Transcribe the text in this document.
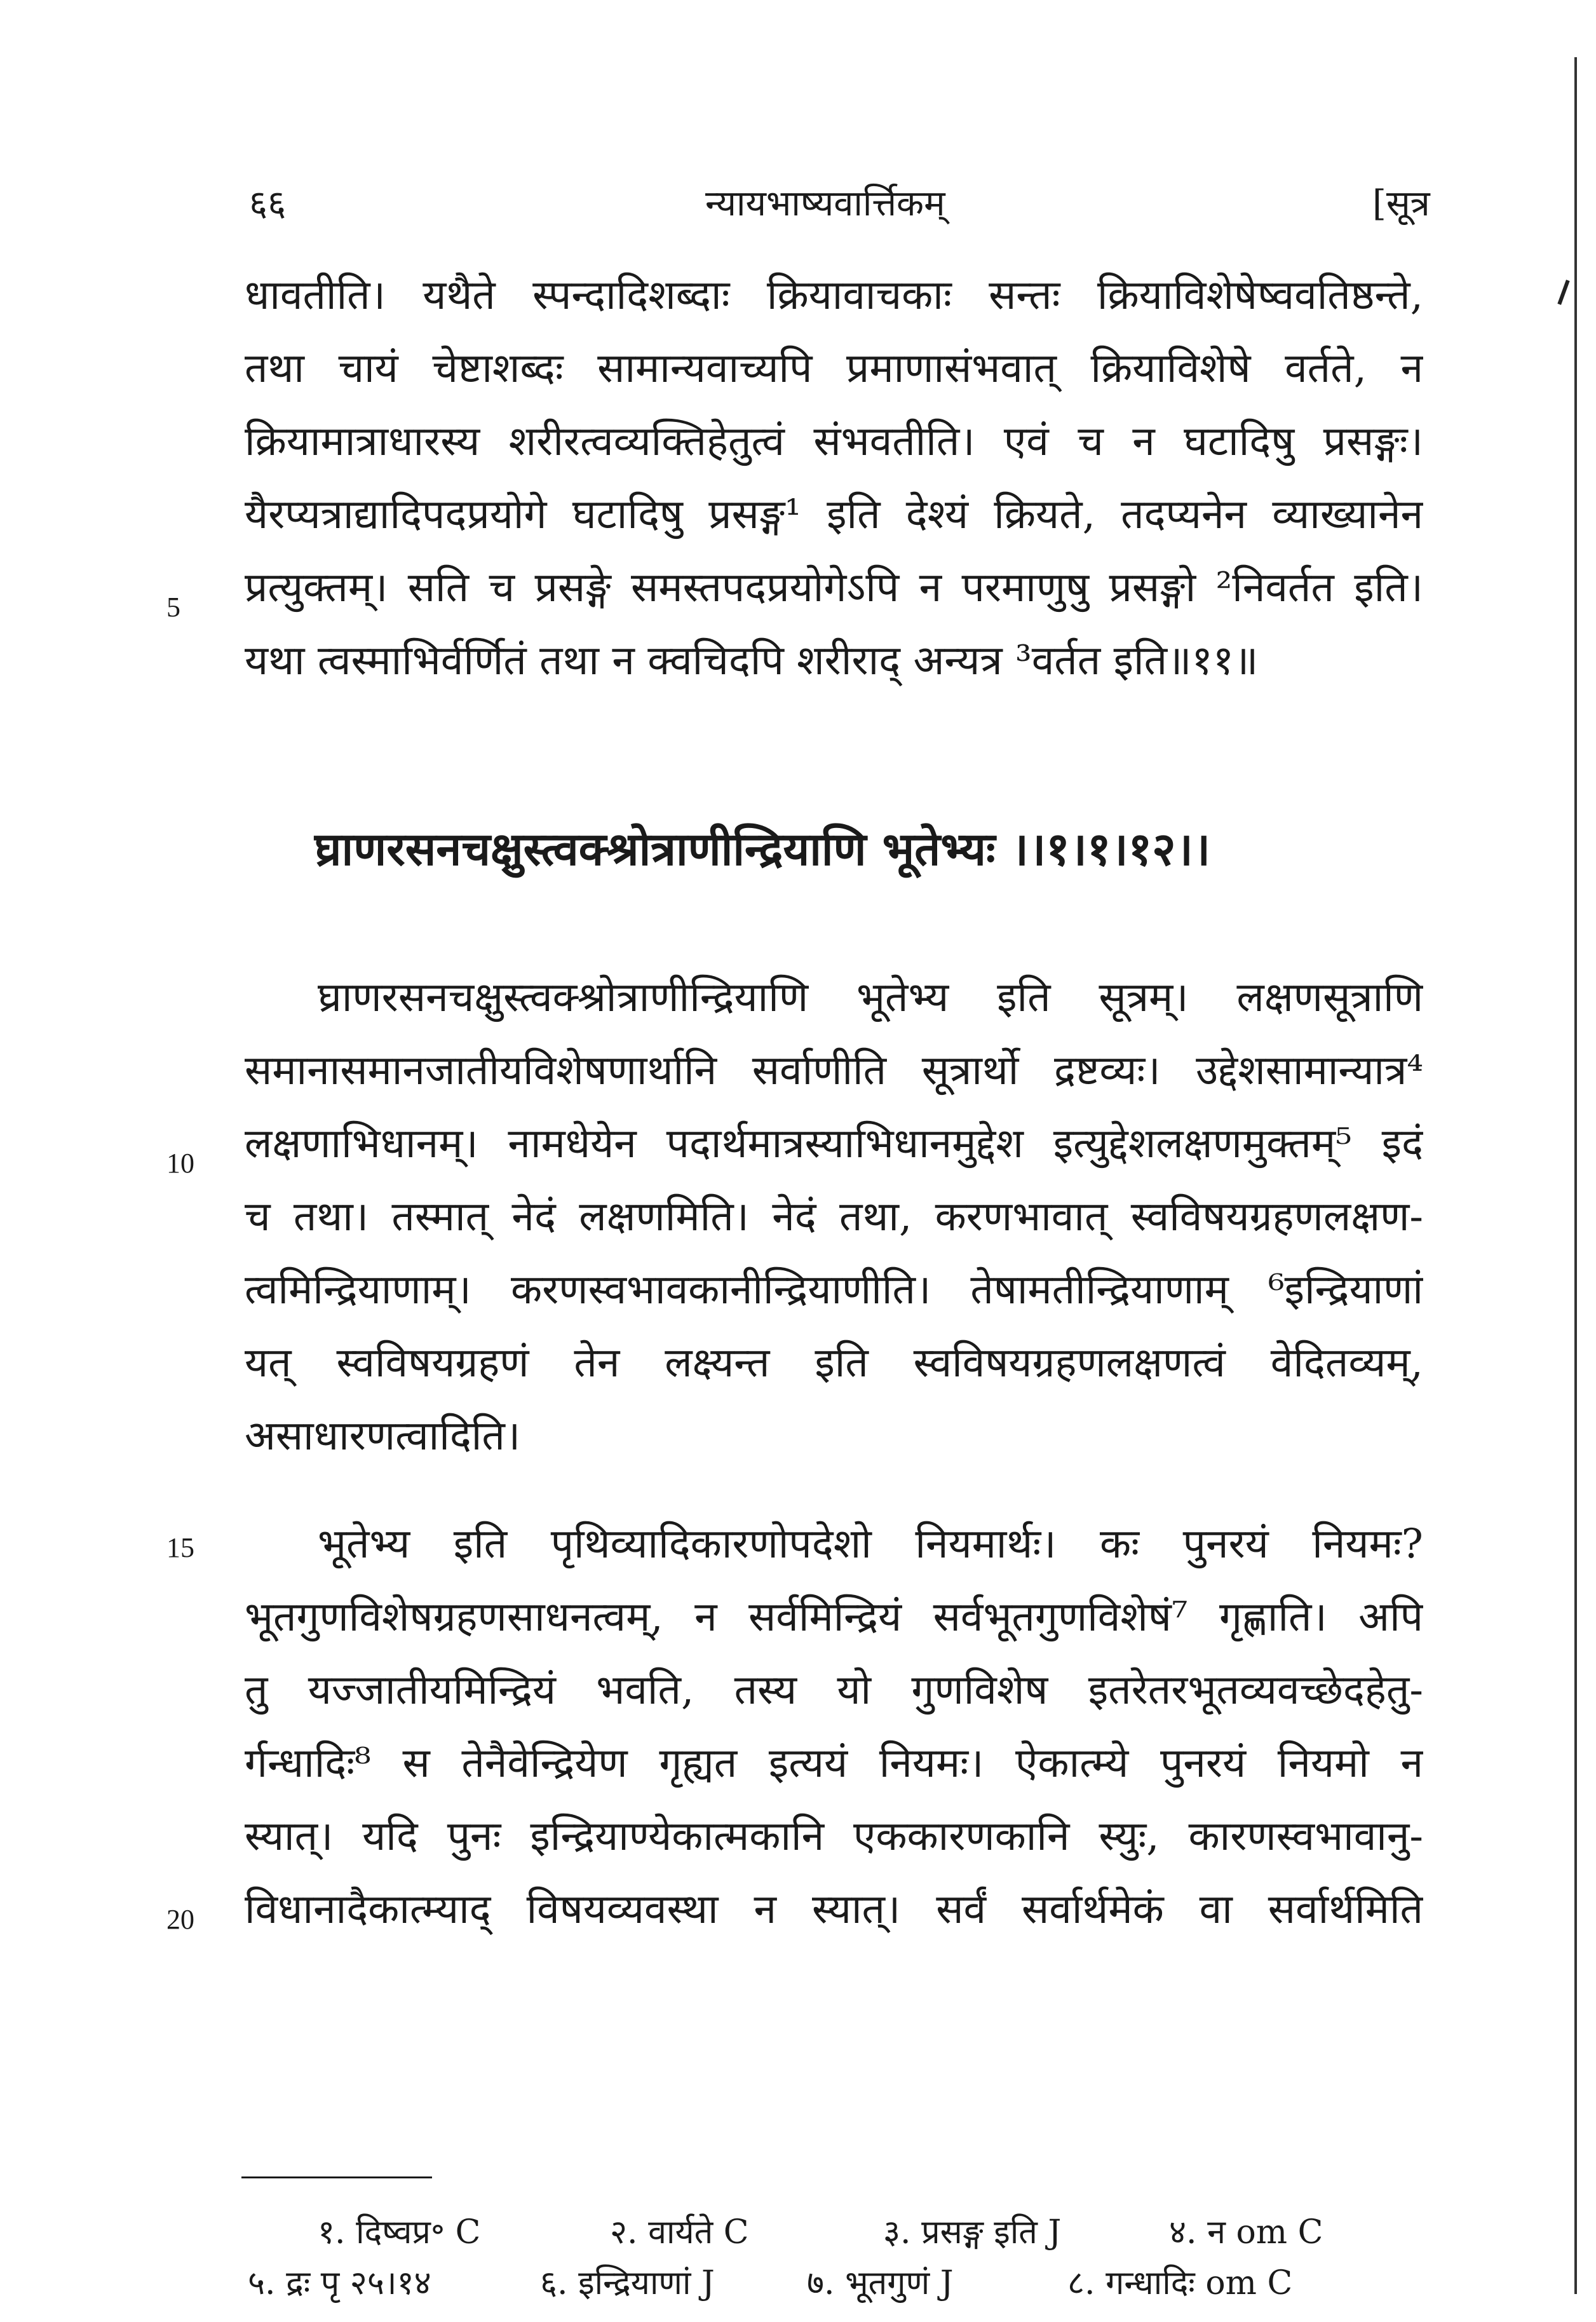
६६	न्यायभाष्यवार्त्तिकम्	[सूत्र
धावतीति। यथैते स्पन्दादिशब्दाः क्रियावाचकाः सन्तः क्रियाविशेषेष्ववतिष्ठन्ते,
तथा चायं चेष्टाशब्दः सामान्यवाच्यपि प्रमाणासंभवात् क्रियाविशेषे वर्तते, न
क्रियामात्राधारस्य शरीरत्वव्यक्तिहेतुत्वं संभवतीति। एवं च न घटादिषु प्रसङ्गः।
यैरप्यत्राद्यादिपदप्रयोगे घटादिषु प्रसङ्ग¹ इति देश्यं क्रियते, तदप्यनेन व्याख्यानेन
प्रत्युक्तम्। सति च प्रसङ्गे समस्तपदप्रयोगेऽपि न परमाणुषु प्रसङ्गो ²निवर्तत इति।
यथा त्वस्माभिर्वर्णितं तथा न क्वचिदपि शरीराद् अन्यत्र ³वर्तत इति॥११॥
5
घ्राणरसनचक्षुस्त्वक्श्रोत्राणीन्द्रियाणि भूतेभ्यः ।।१।१।१२।।
घ्राणरसनचक्षुस्त्वक्श्रोत्राणीन्द्रियाणि भूतेभ्य इति सूत्रम्। लक्षणसूत्राणि
समानासमानजातीयविशेषणार्थानि सर्वाणीति सूत्रार्थो द्रष्टव्यः। उद्देशसामान्यात्र⁴
लक्षणाभिधानम्। नामधेयेन पदार्थमात्रस्याभिधानमुद्देश इत्युद्देशलक्षणमुक्तम्⁵ इदं
च तथा। तस्मात् नेदं लक्षणमिति। नेदं तथा, करणभावात् स्वविषयग्रहणलक्षण-
त्वमिन्द्रियाणाम्। करणस्वभावकानीन्द्रियाणीति। तेषामतीन्द्रियाणाम् ⁶इन्द्रियाणां
यत् स्वविषयग्रहणं तेन लक्ष्यन्त इति स्वविषयग्रहणलक्षणत्वं वेदितव्यम्,
असाधारणत्वादिति।
10
भूतेभ्य इति पृथिव्यादिकारणोपदेशो नियमार्थः। कः पुनरयं नियमः?
भूतगुणविशेषग्रहणसाधनत्वम्, न सर्वमिन्द्रियं सर्वभूतगुणविशेषं⁷ गृह्णाति। अपि
तु यज्जातीयमिन्द्रियं भवति, तस्य यो गुणविशेष इतरेतरभूतव्यवच्छेदहेतु-
र्गन्धादिः⁸ स तेनैवेन्द्रियेण गृह्यत इत्ययं नियमः। ऐकात्म्ये पुनरयं नियमो न
स्यात्। यदि पुनः इन्द्रियाण्येकात्मकानि एककारणकानि स्युः, कारणस्वभावानु-
विधानादैकात्म्याद् विषयव्यवस्था न स्यात्। सर्वं सर्वार्थमेकं वा सर्वार्थमिति
15
20
१. दिष्वप्र॰ C	२. वार्यते C	३. प्रसङ्ग इति J	४. न om C
५. द्रः पृ २५।१४	६. इन्द्रियाणां J	७. भूतगुणं J	८. गन्धादिः om C
